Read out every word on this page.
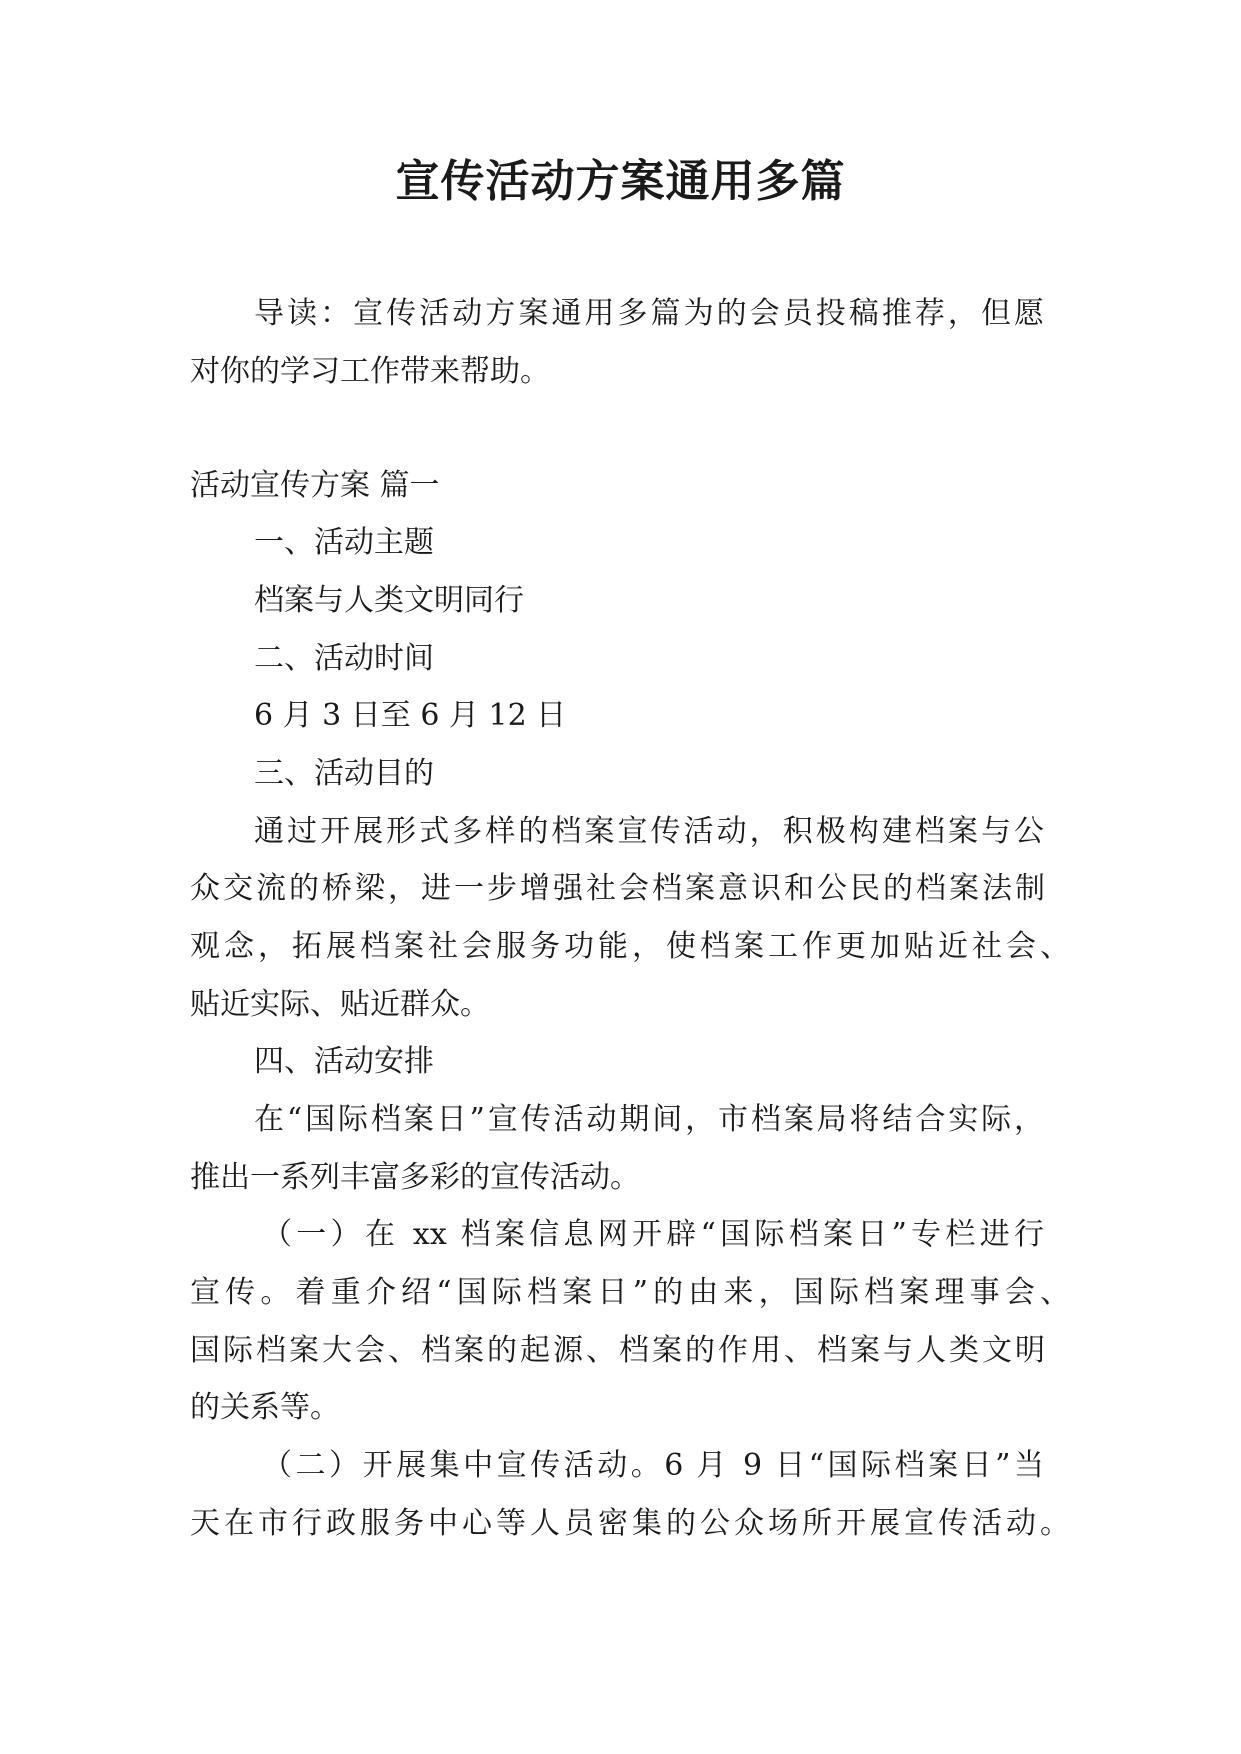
宣传活动方案通用多篇

导读：宣传活动方案通用多篇为的会员投稿推荐，但愿

对你的学习工作带来帮助。

活动宣传方案 篇一

一、活动主题

档案与人类文明同行

二、活动时间

6 月 3 日至 6 月 12 日

三、活动目的

通过开展形式多样的档案宣传活动，积极构建档案与公

众交流的桥梁，进一步增强社会档案意识和公民的档案法制

观念，拓展档案社会服务功能，使档案工作更加贴近社会、

贴近实际、贴近群众。

四、活动安排

在“国际档案日”宣传活动期间，市档案局将结合实际，

推出一系列丰富多彩的宣传活动。

（一）在 xx 档案信息网开辟“国际档案日”专栏进行

宣传。着重介绍“国际档案日”的由来，国际档案理事会、

国际档案大会、档案的起源、档案的作用、档案与人类文明

的关系等。

（二）开展集中宣传活动。6 月 9 日“国际档案日”当

天在市行政服务中心等人员密集的公众场所开展宣传活动。
